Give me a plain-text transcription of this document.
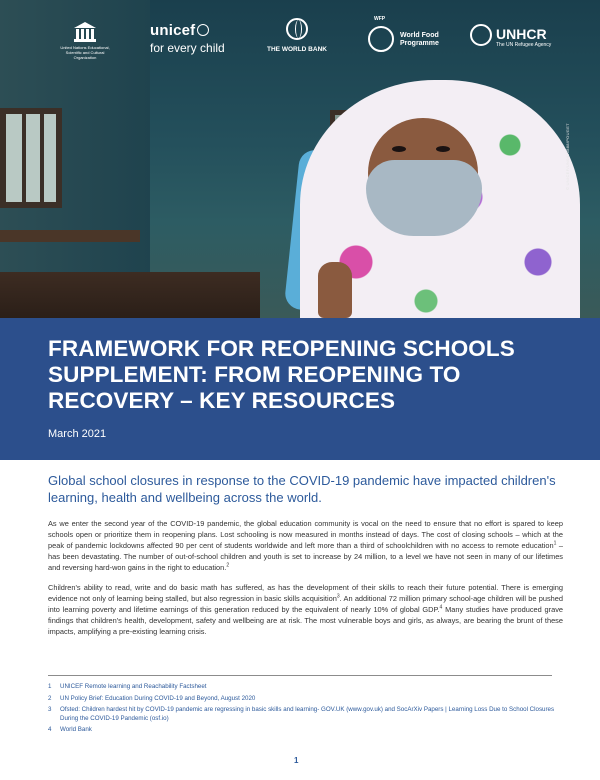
© UNICEF/UN0415888/POUGET
United Nations Educational, Scientific and Cultural Organization
unicef
for every child	THE WORLD BANK
WFP
World Food Programme
UNHCR
The UN Refugee Agency
FRAMEWORK FOR REOPENING SCHOOLS SUPPLEMENT: FROM REOPENING TO RECOVERY – KEY RESOURCES

March 2021

Global school closures in response to the COVID-19 pandemic have impacted children's learning, health and wellbeing across the world.

As we enter the second year of the COVID-19 pandemic, the global education community is vocal on the need to ensure that no effort is spared to keep schools open or prioritize them in reopening plans. Lost schooling is now measured in months instead of days. The cost of closing schools – which at the peak of pandemic lockdowns affected 90 per cent of students worldwide and left more than a third of schoolchildren with no access to remote education$^1$ – has been devastating. The number of out-of-school children and youth is set to increase by 24 million, to a level we have not seen in many of our lifetimes and reversing hard-won gains in the right to education.$^2$

Children's ability to read, write and do basic math has suffered, as has the development of their skills to reach their future potential. There is emerging evidence not only of learning being stalled, but also regression in basic skills acquisition$^3$. An additional 72 million primary school-age children will be pushed into learning poverty and lifetime earnings of this generation reduced by the equivalent of nearly 10% of global GDP.$^4$ Many studies have produced grave findings that children's health, development, safety and wellbeing are at risk. The most vulnerable boys and girls, as always, are bearing the brunt of these impacts, amplifying a pre-existing learning crisis.

1 UNICEF Remote learning and Reachability Factsheet
2 UN Policy Brief: Education During COVID-19 and Beyond, August 2020
3 Ofsted: Children hardest hit by COVID-19 pandemic are regressing in basic skills and learning- GOV.UK (www.gov.uk) and SocArXiv Papers | Learning Loss Due to School Closures During the COVID-19 Pandemic (osf.io)
4 World Bank
1
